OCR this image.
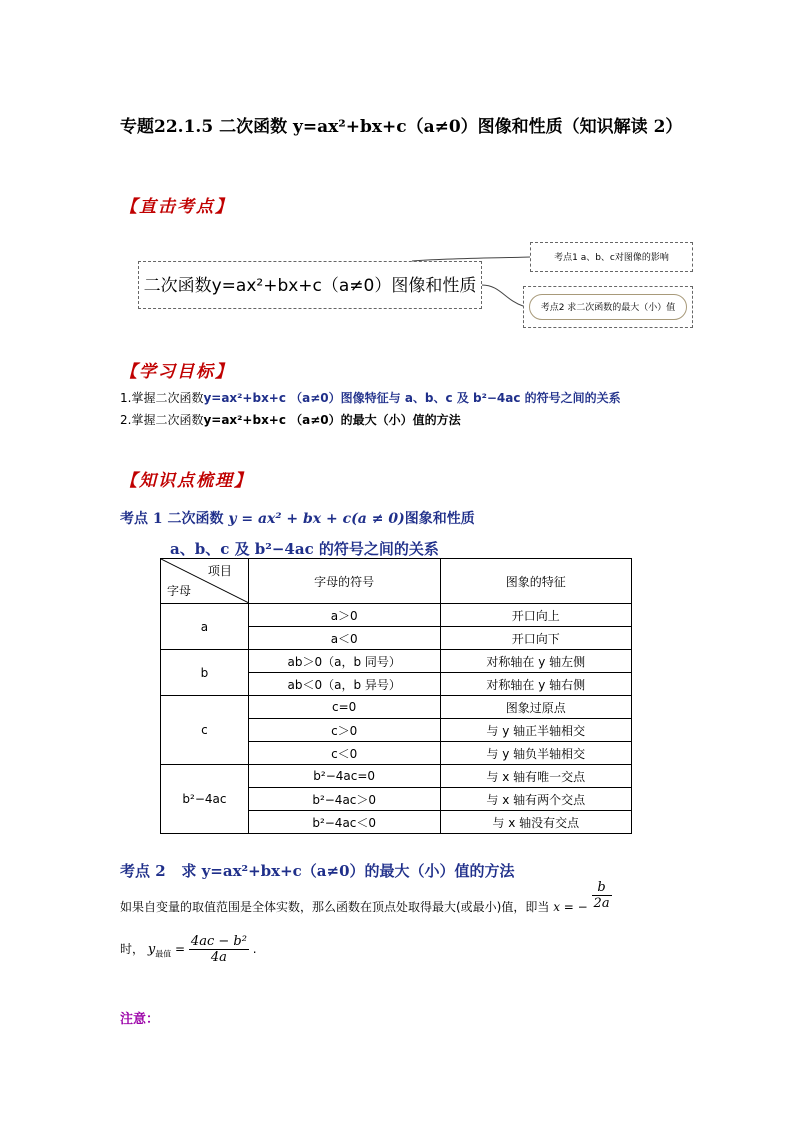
专题22.1.5 二次函数 y=ax²+bx+c（a≠0）图像和性质（知识解读 2）
【直击考点】
二次函数y=ax²+bx+c（a≠0）图像和性质
考点1 a、b、c对图像的影响
考点2 求二次函数的最大（小）值
【学习目标】
1.掌握二次函数y=ax²+bx+c （a≠0）图像特征与 a、b、c 及 b²−4ac 的符号之间的关系
2.掌握二次函数y=ax²+bx+c （a≠0）的最大（小）值的方法
【知识点梳理】
考点 1 二次函数 y = ax² + bx + c(a ≠ 0)图象和性质
a、b、c 及 b²−4ac 的符号之间的关系
项目
字母	字母的符号	图象的特征
a	a＞0	开口向上
	a＜0	开口向下
b	ab＞0（a，b 同号）	对称轴在 y 轴左侧
	ab＜0（a，b 异号）	对称轴在 y 轴右侧
c	c=0	图象过原点
	c＞0	与 y 轴正半轴相交
	c＜0	与 y 轴负半轴相交
b²−4ac	b²−4ac=0	与 x 轴有唯一交点
	b²−4ac＞0	与 x 轴有两个交点
	b²−4ac＜0	与 x 轴没有交点
考点 2 求 y=ax²+bx+c（a≠0）的最大（小）值的方法
如果自变量的取值范围是全体实数，那么函数在顶点处取得最大(或最小)值，即当 x = − $\frac{b}{2a}$
时， $y_{最值} = \frac{\text{4ac − b²}}{4a}$ .
注意：
